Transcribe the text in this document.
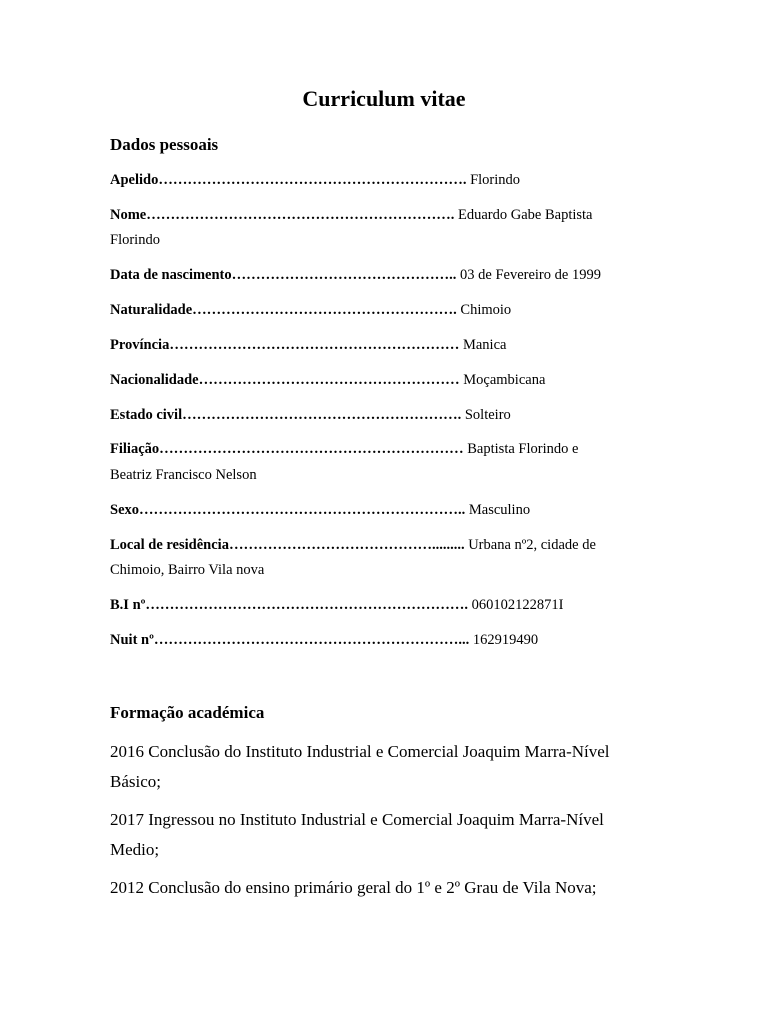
Curriculum vitae
Dados pessoais
Apelido………………………………………………………. Florindo
Nome………………………………………………………. Eduardo Gabe Baptista
Florindo
Data de nascimento……………………………………….. 03 de Fevereiro de 1999
Naturalidade………………………………………………. Chimoio
Província…………………………………………………… Manica
Nacionalidade……………………………………………… Moçambicana
Estado civil…………………………………………………. Solteiro
Filiação……………………………………………………… Baptista Florindo e
Beatriz Francisco Nelson
Sexo………………………………………………………….. Masculino
Local de residência……………………………………......... Urbana nº2, cidade de
Chimoio, Bairro Vila nova
B.I nº…………………………………………………………. 060102122871I
Nuit nº………………………………………………………... 162919490
Formação académica
2016 Conclusão do Instituto Industrial e Comercial Joaquim Marra-Nível
Básico;
2017 Ingressou no Instituto Industrial e Comercial Joaquim Marra-Nível
Medio;
2012 Conclusão do ensino primário geral do 1º e 2º Grau de Vila Nova;
